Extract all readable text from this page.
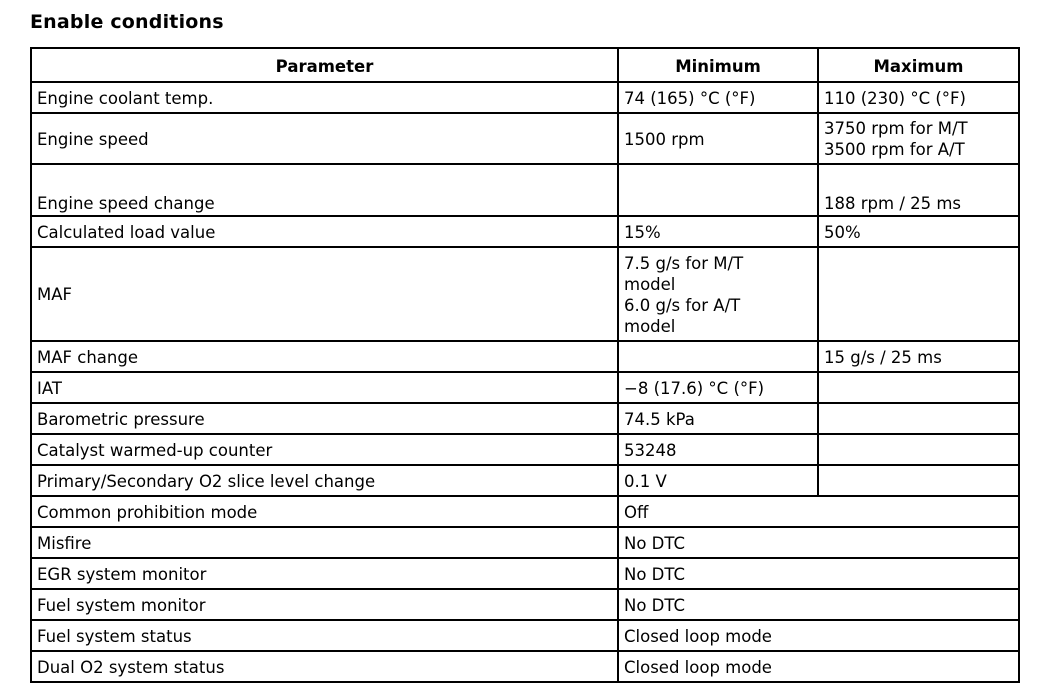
Enable conditions
Parameter	Minimum	Maximum
Engine coolant temp.	74 (165) °C (°F)	110 (230) °C (°F)
Engine speed	1500 rpm	3750 rpm for M/T
3500 rpm for A/T
Engine speed change		188 rpm / 25 ms
Calculated load value	15%	50%
MAF	7.5 g/s for M/T
model
6.0 g/s for A/T
model	
MAF change		15 g/s / 25 ms
IAT	−8 (17.6) °C (°F)	
Barometric pressure	74.5 kPa	
Catalyst warmed-up counter	53248	
Primary/Secondary O2 slice level change	0.1 V	
Common prohibition mode	Off	
Misfire	No DTC	
EGR system monitor	No DTC	
Fuel system monitor	No DTC	
Fuel system status	Closed loop mode	
Dual O2 system status	Closed loop mode	
